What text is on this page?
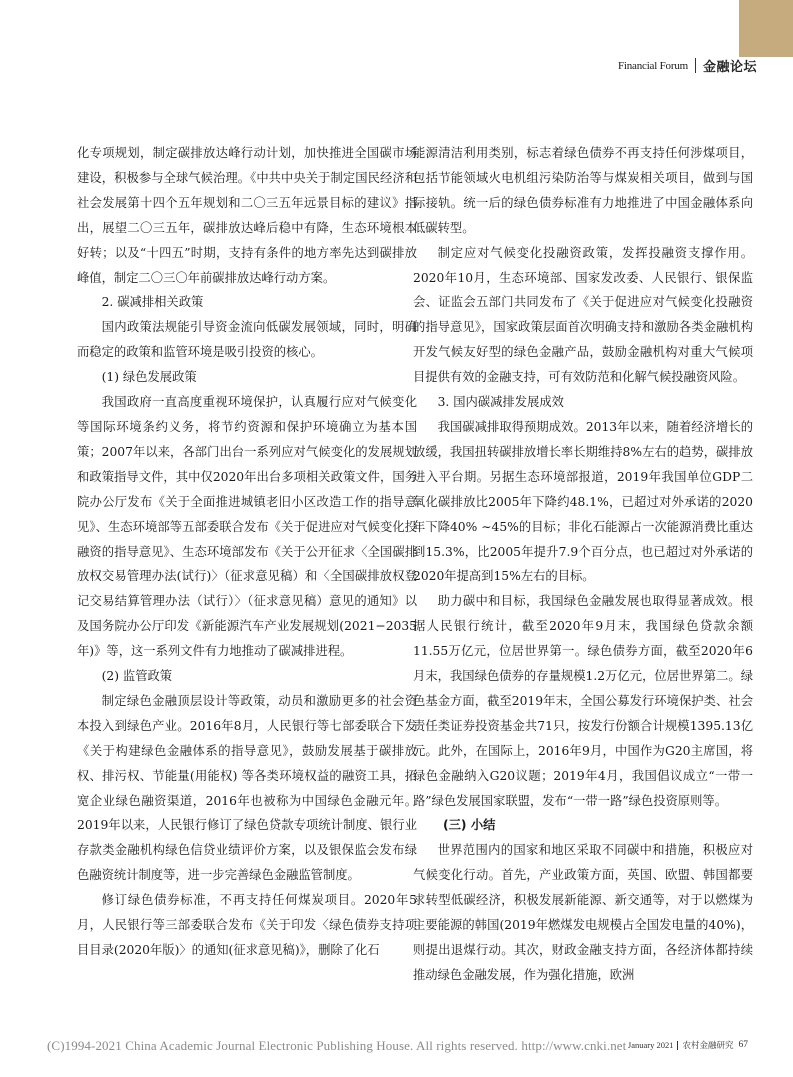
Financial Forum 金融论坛

化专项规划，制定碳排放达峰行动计划，加快推进全国碳市场建设，积极参与全球气候治理。《中共中央关于制定国民经济和社会发展第十四个五年规划和二〇三五年远景目标的建议》指出，展望二〇三五年，碳排放达峰后稳中有降，生态环境根本好转；以及“十四五”时期，支持有条件的地方率先达到碳排放峰值，制定二〇三〇年前碳排放达峰行动方案。

2. 碳减排相关政策

国内政策法规能引导资金流向低碳发展领域，同时，明确而稳定的政策和监管环境是吸引投资的核心。

(1) 绿色发展政策

我国政府一直高度重视环境保护，认真履行应对气候变化等国际环境条约义务，将节约资源和保护环境确立为基本国策；2007年以来，各部门出台一系列应对气候变化的发展规划和政策指导文件，其中仅2020年出台多项相关政策文件，国务院办公厅发布《关于全面推进城镇老旧小区改造工作的指导意见》、生态环境部等五部委联合发布《关于促进应对气候变化投融资的指导意见》、生态环境部发布《关于公开征求〈全国碳排放权交易管理办法(试行)〉（征求意见稿）和〈全国碳排放权登记交易结算管理办法（试行）〉（征求意见稿）意见的通知》以及国务院办公厅印发《新能源汽车产业发展规划(2021−2035年)》等，这一系列文件有力地推动了碳减排进程。

(2) 监管政策

制定绿色金融顶层设计等政策，动员和激励更多的社会资本投入到绿色产业。2016年8月，人民银行等七部委联合下发《关于构建绿色金融体系的指导意见》，鼓励发展基于碳排放权、排污权、节能量(用能权) 等各类环境权益的融资工具，拓宽企业绿色融资渠道，2016年也被称为中国绿色金融元年。2019年以来，人民银行修订了绿色贷款专项统计制度、银行业存款类金融机构绿色信贷业绩评价方案，以及银保监会发布绿色融资统计制度等，进一步完善绿色金融监管制度。

修订绿色债券标准，不再支持任何煤炭项目。2020年5月，人民银行等三部委联合发布《关于印发〈绿色债券支持项目目录(2020年版)〉的通知(征求意见稿)》，删除了化石

能源清洁利用类别，标志着绿色债券不再支持任何涉煤项目，包括节能领域火电机组污染防治等与煤炭相关项目，做到与国际接轨。统一后的绿色债券标准有力地推进了中国金融体系向低碳转型。

制定应对气候变化投融资政策，发挥投融资支撑作用。2020年10月，生态环境部、国家发改委、人民银行、银保监会、证监会五部门共同发布了《关于促进应对气候变化投融资的指导意见》，国家政策层面首次明确支持和激励各类金融机构开发气候友好型的绿色金融产品，鼓励金融机构对重大气候项目提供有效的金融支持，可有效防范和化解气候投融资风险。

3. 国内碳减排发展成效

我国碳减排取得预期成效。2013年以来，随着经济增长的放缓，我国扭转碳排放增长率长期维持8%左右的趋势，碳排放进入平台期。另据生态环境部报道，2019年我国单位GDP二氧化碳排放比2005年下降约48.1%，已超过对外承诺的2020年下降40% ∼45%的目标；非化石能源占一次能源消费比重达到15.3%，比2005年提升7.9个百分点，也已超过对外承诺的2020年提高到15%左右的目标。

助力碳中和目标，我国绿色金融发展也取得显著成效。根据人民银行统计，截至2020年9月末，我国绿色贷款余额11.55万亿元，位居世界第一。绿色债券方面，截至2020年6月末，我国绿色债券的存量规模1.2万亿元，位居世界第二。绿色基金方面，截至2019年末，全国公募发行环境保护类、社会责任类证券投资基金共71只，按发行份额合计规模1395.13亿元。此外，在国际上，2016年9月，中国作为G20主席国，将绿色金融纳入G20议题；2019年4月，我国倡议成立“一带一路”绿色发展国家联盟，发布“一带一路”绿色投资原则等。

(三) 小结

世界范围内的国家和地区采取不同碳中和措施，积极应对气候变化行动。首先，产业政策方面，英国、欧盟、韩国都要求转型低碳经济，积极发展新能源、新交通等，对于以燃煤为主要能源的韩国(2019年燃煤发电规模占全国发电量的40%)，则提出退煤行动。其次，财政金融支持方面，各经济体都持续推动绿色金融发展，作为强化措施，欧洲

(C)1994-2021 China Academic Journal Electronic Publishing House. All rights reserved. http://www.cnki.net January 2021 农村金融研究 67
